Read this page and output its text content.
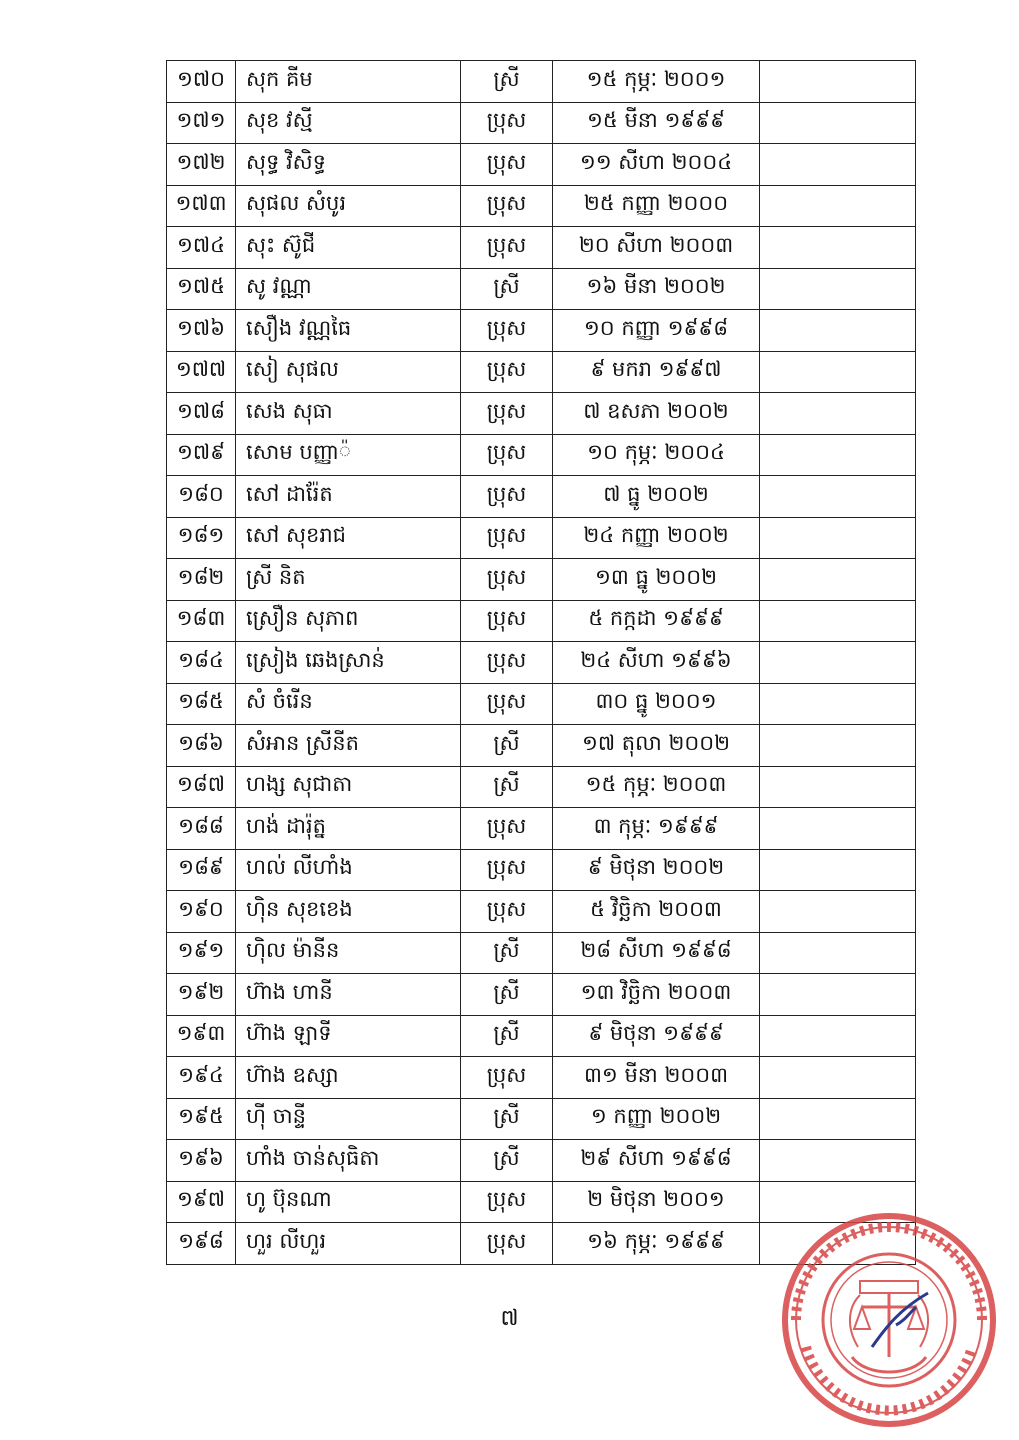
១៧០	សុក គីម	ស្រី	១៥ កុម្ភៈ ២០០១	
១៧១	សុខ វស្មី	ប្រុស	១៥ មីនា ១៩៩៩	
១៧២	សុទ្ធ វិសិទ្ធ	ប្រុស	១១ សីហា ២០០៤	
១៧៣	សុផល សំបូរ	ប្រុស	២៥ កញ្ញា ២០០០	
១៧៤	សុះ ស៊ូជី	ប្រុស	២០ សីហា ២០០៣	
១៧៥	សូ វណ្ណា	ស្រី	១៦ មីនា ២០០២	
១៧៦	សឿង វណ្ណធៃ	ប្រុស	១០ កញ្ញា ១៩៩៨	
១៧៧	សៀ សុផល	ប្រុស	៩ មករា ១៩៩៧	
១៧៨	សេង សុធា	ប្រុស	៧ ឧសភា ២០០២	
១៧៩	សោម បញ្ញា៉	ប្រុស	១០ កុម្ភៈ ២០០៤	
១៨០	សៅ ដារ៉ែត	ប្រុស	៧ ធ្នូ ២០០២	
១៨១	សៅ សុខរាជ	ប្រុស	២៤ កញ្ញា ២០០២	
១៨២	ស្រី និត	ប្រុស	១៣ ធ្នូ ២០០២	
១៨៣	ស្រឿន សុភាព	ប្រុស	៥ កក្កដា ១៩៩៩	
១៨៤	ស្រៀង ឆេងស្រាន់	ប្រុស	២៤ សីហា ១៩៩៦	
១៨៥	សំ ចំរើន	ប្រុស	៣០ ធ្នូ ២០០១	
១៨៦	សំអាន ស្រីនីត	ស្រី	១៧ តុលា ២០០២	
១៨៧	ហង្ស សុជាតា	ស្រី	១៥ កុម្ភៈ ២០០៣	
១៨៨	ហង់ ដារ៉ុត្ន	ប្រុស	៣ កុម្ភៈ ១៩៩៩	
១៨៩	ហល់ លីហាំង	ប្រុស	៩ មិថុនា ២០០២	
១៩០	ហ៊ិន សុខខេង	ប្រុស	៥ វិច្ឆិកា ២០០៣	
១៩១	ហ៊ិល ម៉ានីន	ស្រី	២៨ សីហា ១៩៩៨	
១៩២	ហ៊ាង ហានី	ស្រី	១៣ វិច្ឆិកា ២០០៣	
១៩៣	ហ៊ាង ឡាទី	ស្រី	៩ មិថុនា ១៩៩៩	
១៩៤	ហ៊ាង ឧស្សា	ប្រុស	៣១ មីនា ២០០៣	
១៩៥	ហ៊ី ចាន្ទី	ស្រី	១ កញ្ញា ២០០២	
១៩៦	ហាំង ចាន់សុធិតា	ស្រី	២៩ សីហា ១៩៩៨	
១៩៧	ហូ ប៊ុនណា	ប្រុស	២ មិថុនា ២០០១	
១៩៨	ហួរ លីហួរ	ប្រុស	១៦ កុម្ភៈ ១៩៩៩	
៧
